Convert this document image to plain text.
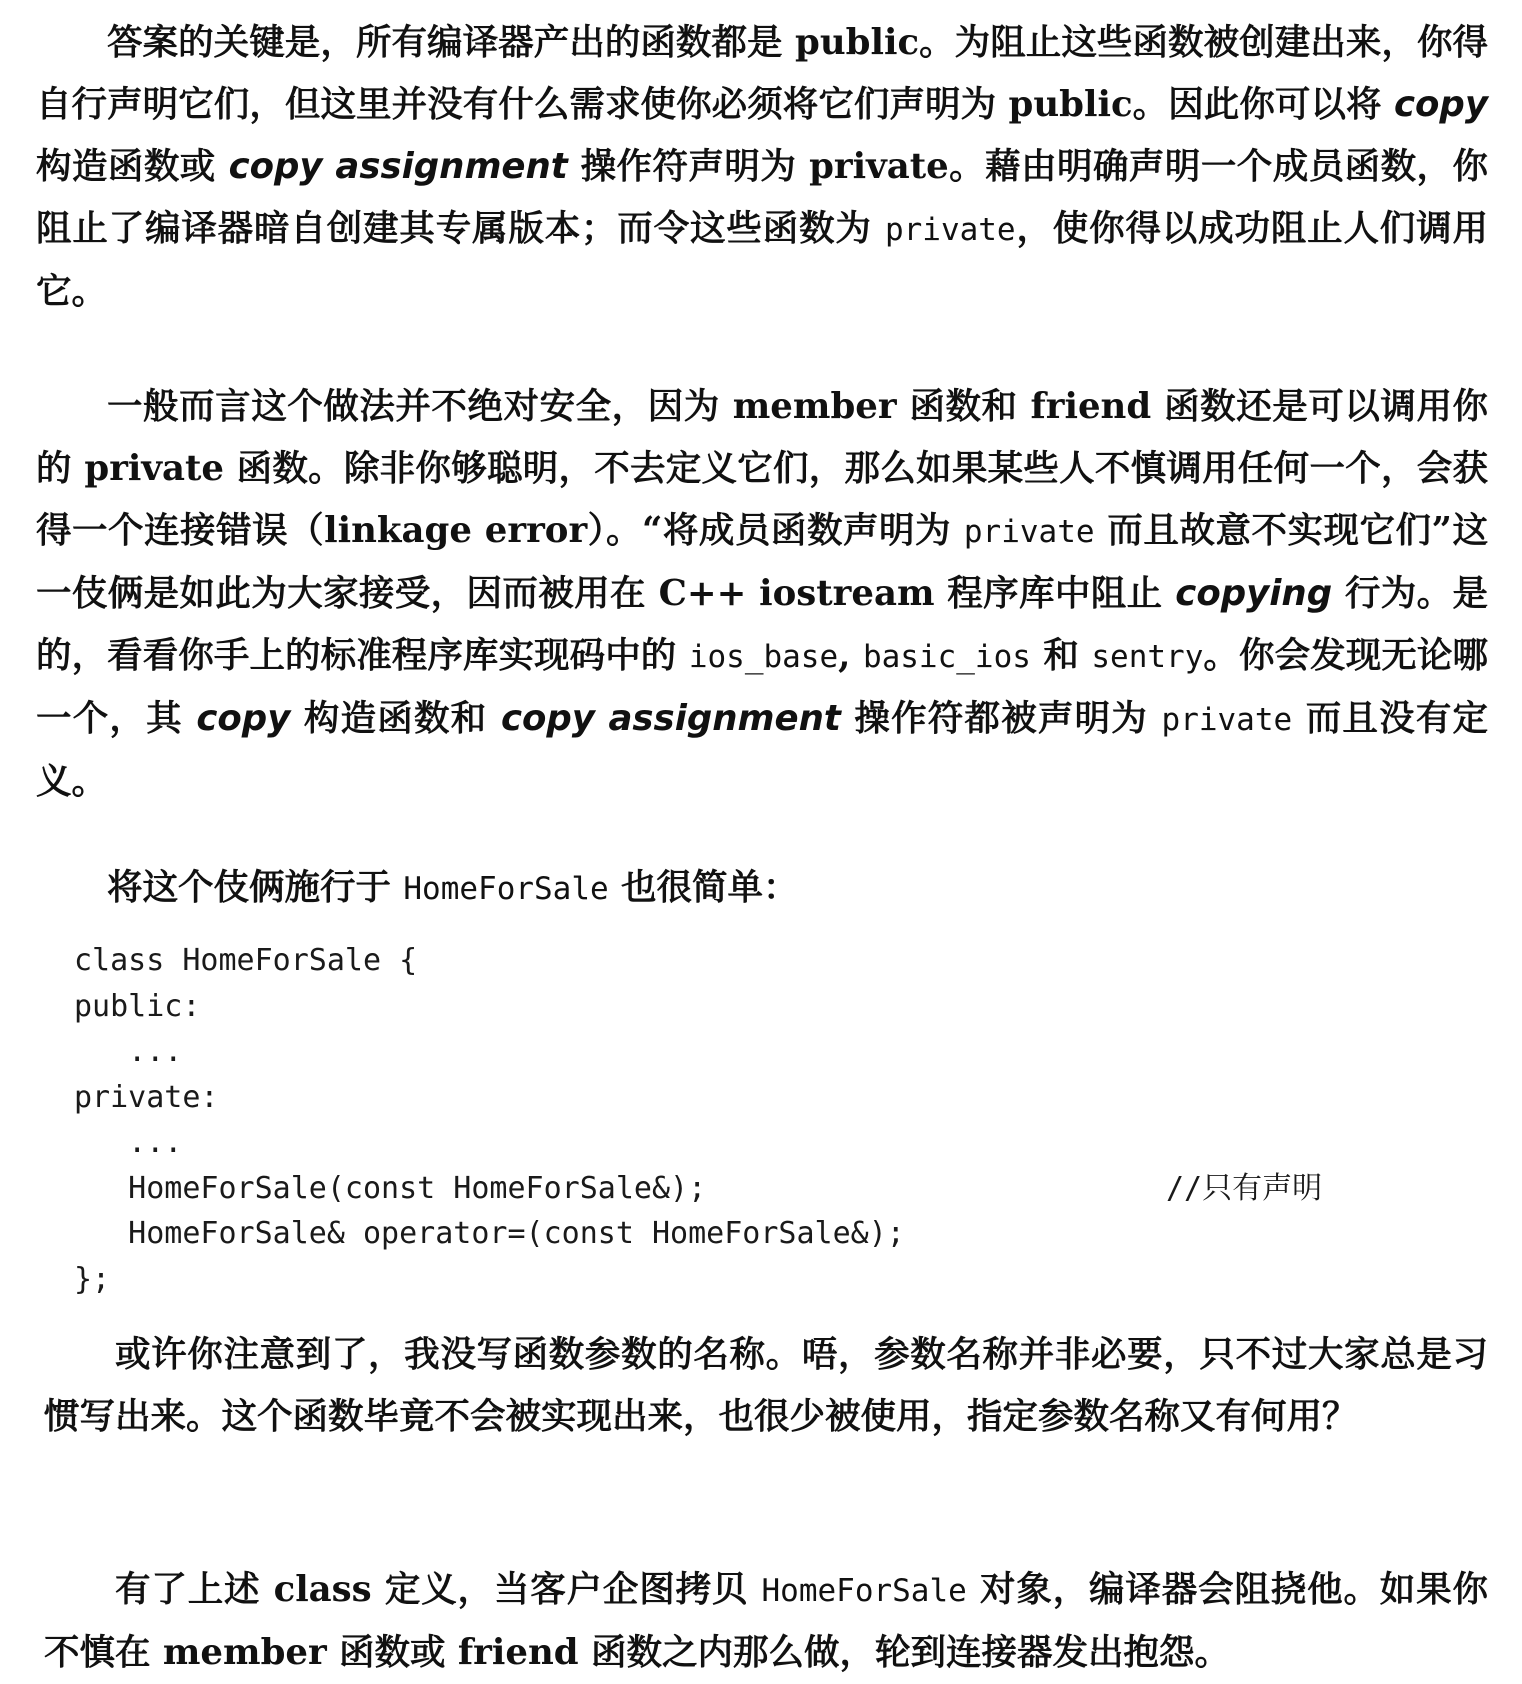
答案的关键是，所有编译器产出的函数都是 public。为阻止这些函数被创建出来，你得自行声明它们，但这里并没有什么需求使你必须将它们声明为 public。因此你可以将 copy 构造函数或 copy assignment 操作符声明为 private。藉由明确声明一个成员函数，你阻止了编译器暗自创建其专属版本；而令这些函数为 private，使你得以成功阻止人们调用它。

一般而言这个做法并不绝对安全，因为 member 函数和 friend 函数还是可以调用你的 private 函数。除非你够聪明，不去定义它们，那么如果某些人不慎调用任何一个，会获得一个连接错误（linkage error）。“将成员函数声明为 private 而且故意不实现它们”这一伎俩是如此为大家接受，因而被用在 C++ iostream 程序库中阻止 copying 行为。是的，看看你手上的标准程序库实现码中的 ios_base, basic_ios 和 sentry。你会发现无论哪一个，其 copy 构造函数和 copy assignment 操作符都被声明为 private 而且没有定义。

将这个伎俩施行于 HomeForSale 也很简单：

class HomeForSale {
public:
...
private:
...
HomeForSale(const HomeForSale&);	//只有声明
HomeForSale& operator=(const HomeForSale&);
};

或许你注意到了，我没写函数参数的名称。唔，参数名称并非必要，只不过大家总是习惯写出来。这个函数毕竟不会被实现出来，也很少被使用，指定参数名称又有何用？

有了上述 class 定义，当客户企图拷贝 HomeForSale 对象，编译器会阻挠他。如果你不慎在 member 函数或 friend 函数之内那么做，轮到连接器发出抱怨。
